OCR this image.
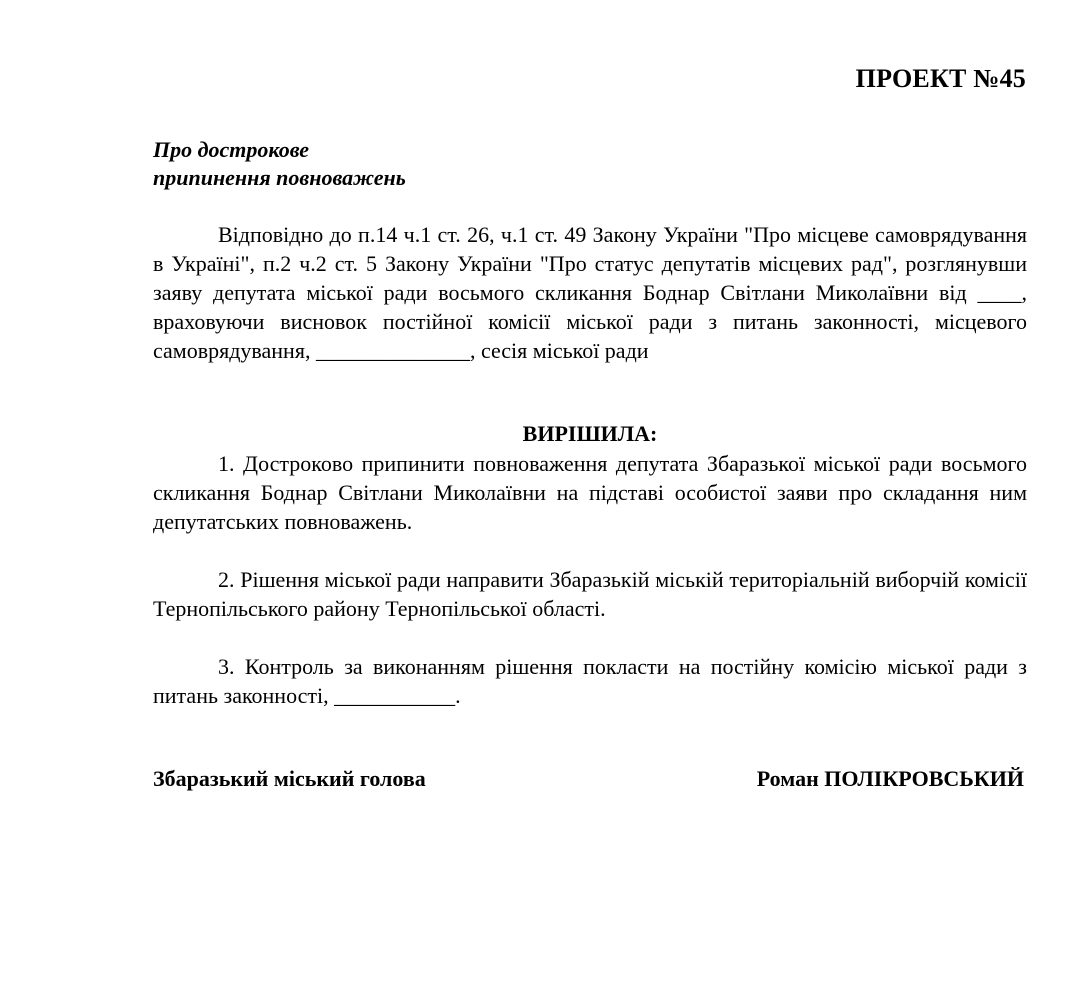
ПРОЕКТ №45
Про дострокове
припинення повноважень

Відповідно до п.14 ч.1 ст. 26, ч.1 ст. 49 Закону України "Про місцеве самоврядування в Україні", п.2 ч.2 ст. 5 Закону України "Про статус депутатів місцевих рад", розглянувши заяву депутата міської ради восьмого скликання Боднар Світлани Миколаївни від ____, враховуючи висновок постійної комісії міської ради з питань законності, місцевого самоврядування, ______________, сесія міської ради

ВИРІШИЛА:

1. Достроково припинити повноваження депутата Збаразької міської ради восьмого скликання Боднар Світлани Миколаївни на підставі особистої заяви про складання ним депутатських повноважень.

2. Рішення міської ради направити Збаразькій міській територіальній виборчій комісії Тернопільського району Тернопільської області.

3. Контроль за виконанням рішення покласти на постійну комісію міської ради з питань законності, ___________.

Збаразький міський голова	Роман ПОЛІКРОВСЬКИЙ
